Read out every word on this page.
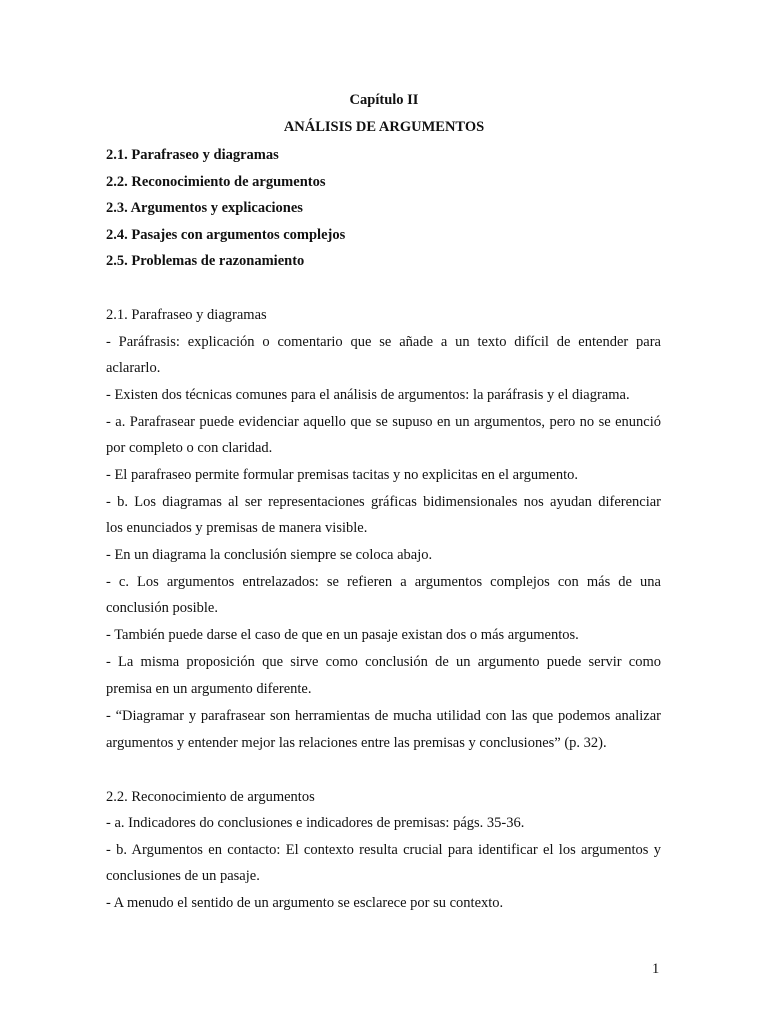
Capítulo II
ANÁLISIS DE ARGUMENTOS
2.1. Parafraseo y diagramas
2.2. Reconocimiento de argumentos
2.3. Argumentos y explicaciones
2.4. Pasajes con argumentos complejos
2.5. Problemas de razonamiento
2.1. Parafraseo y diagramas
- Paráfrasis: explicación o comentario que se añade a un texto difícil de entender para
aclararlo.
- Existen dos técnicas comunes para el análisis de argumentos: la paráfrasis y el diagrama.
- a. Parafrasear puede evidenciar aquello que se supuso en un argumentos, pero no se enunció
por completo o con claridad.
- El parafraseo permite formular premisas tacitas y no explicitas en el argumento.
- b. Los diagramas al ser representaciones gráficas bidimensionales nos ayudan diferenciar
los enunciados y premisas de manera visible.
- En un diagrama la conclusión siempre se coloca abajo.
- c. Los argumentos entrelazados: se refieren a argumentos complejos con más de una
conclusión posible.
- También puede darse el caso de que en un pasaje existan dos o más argumentos.
- La misma proposición que sirve como conclusión de un argumento puede servir como
premisa en un argumento diferente.
- “Diagramar y parafrasear son herramientas de mucha utilidad con las que podemos analizar
argumentos y entender mejor las relaciones entre las premisas y conclusiones” (p. 32).
2.2. Reconocimiento de argumentos
- a. Indicadores do conclusiones e indicadores de premisas: págs. 35-36.
- b. Argumentos en contacto: El contexto resulta crucial para identificar el los argumentos y
conclusiones de un pasaje.
- A menudo el sentido de un argumento se esclarece por su contexto.
1
